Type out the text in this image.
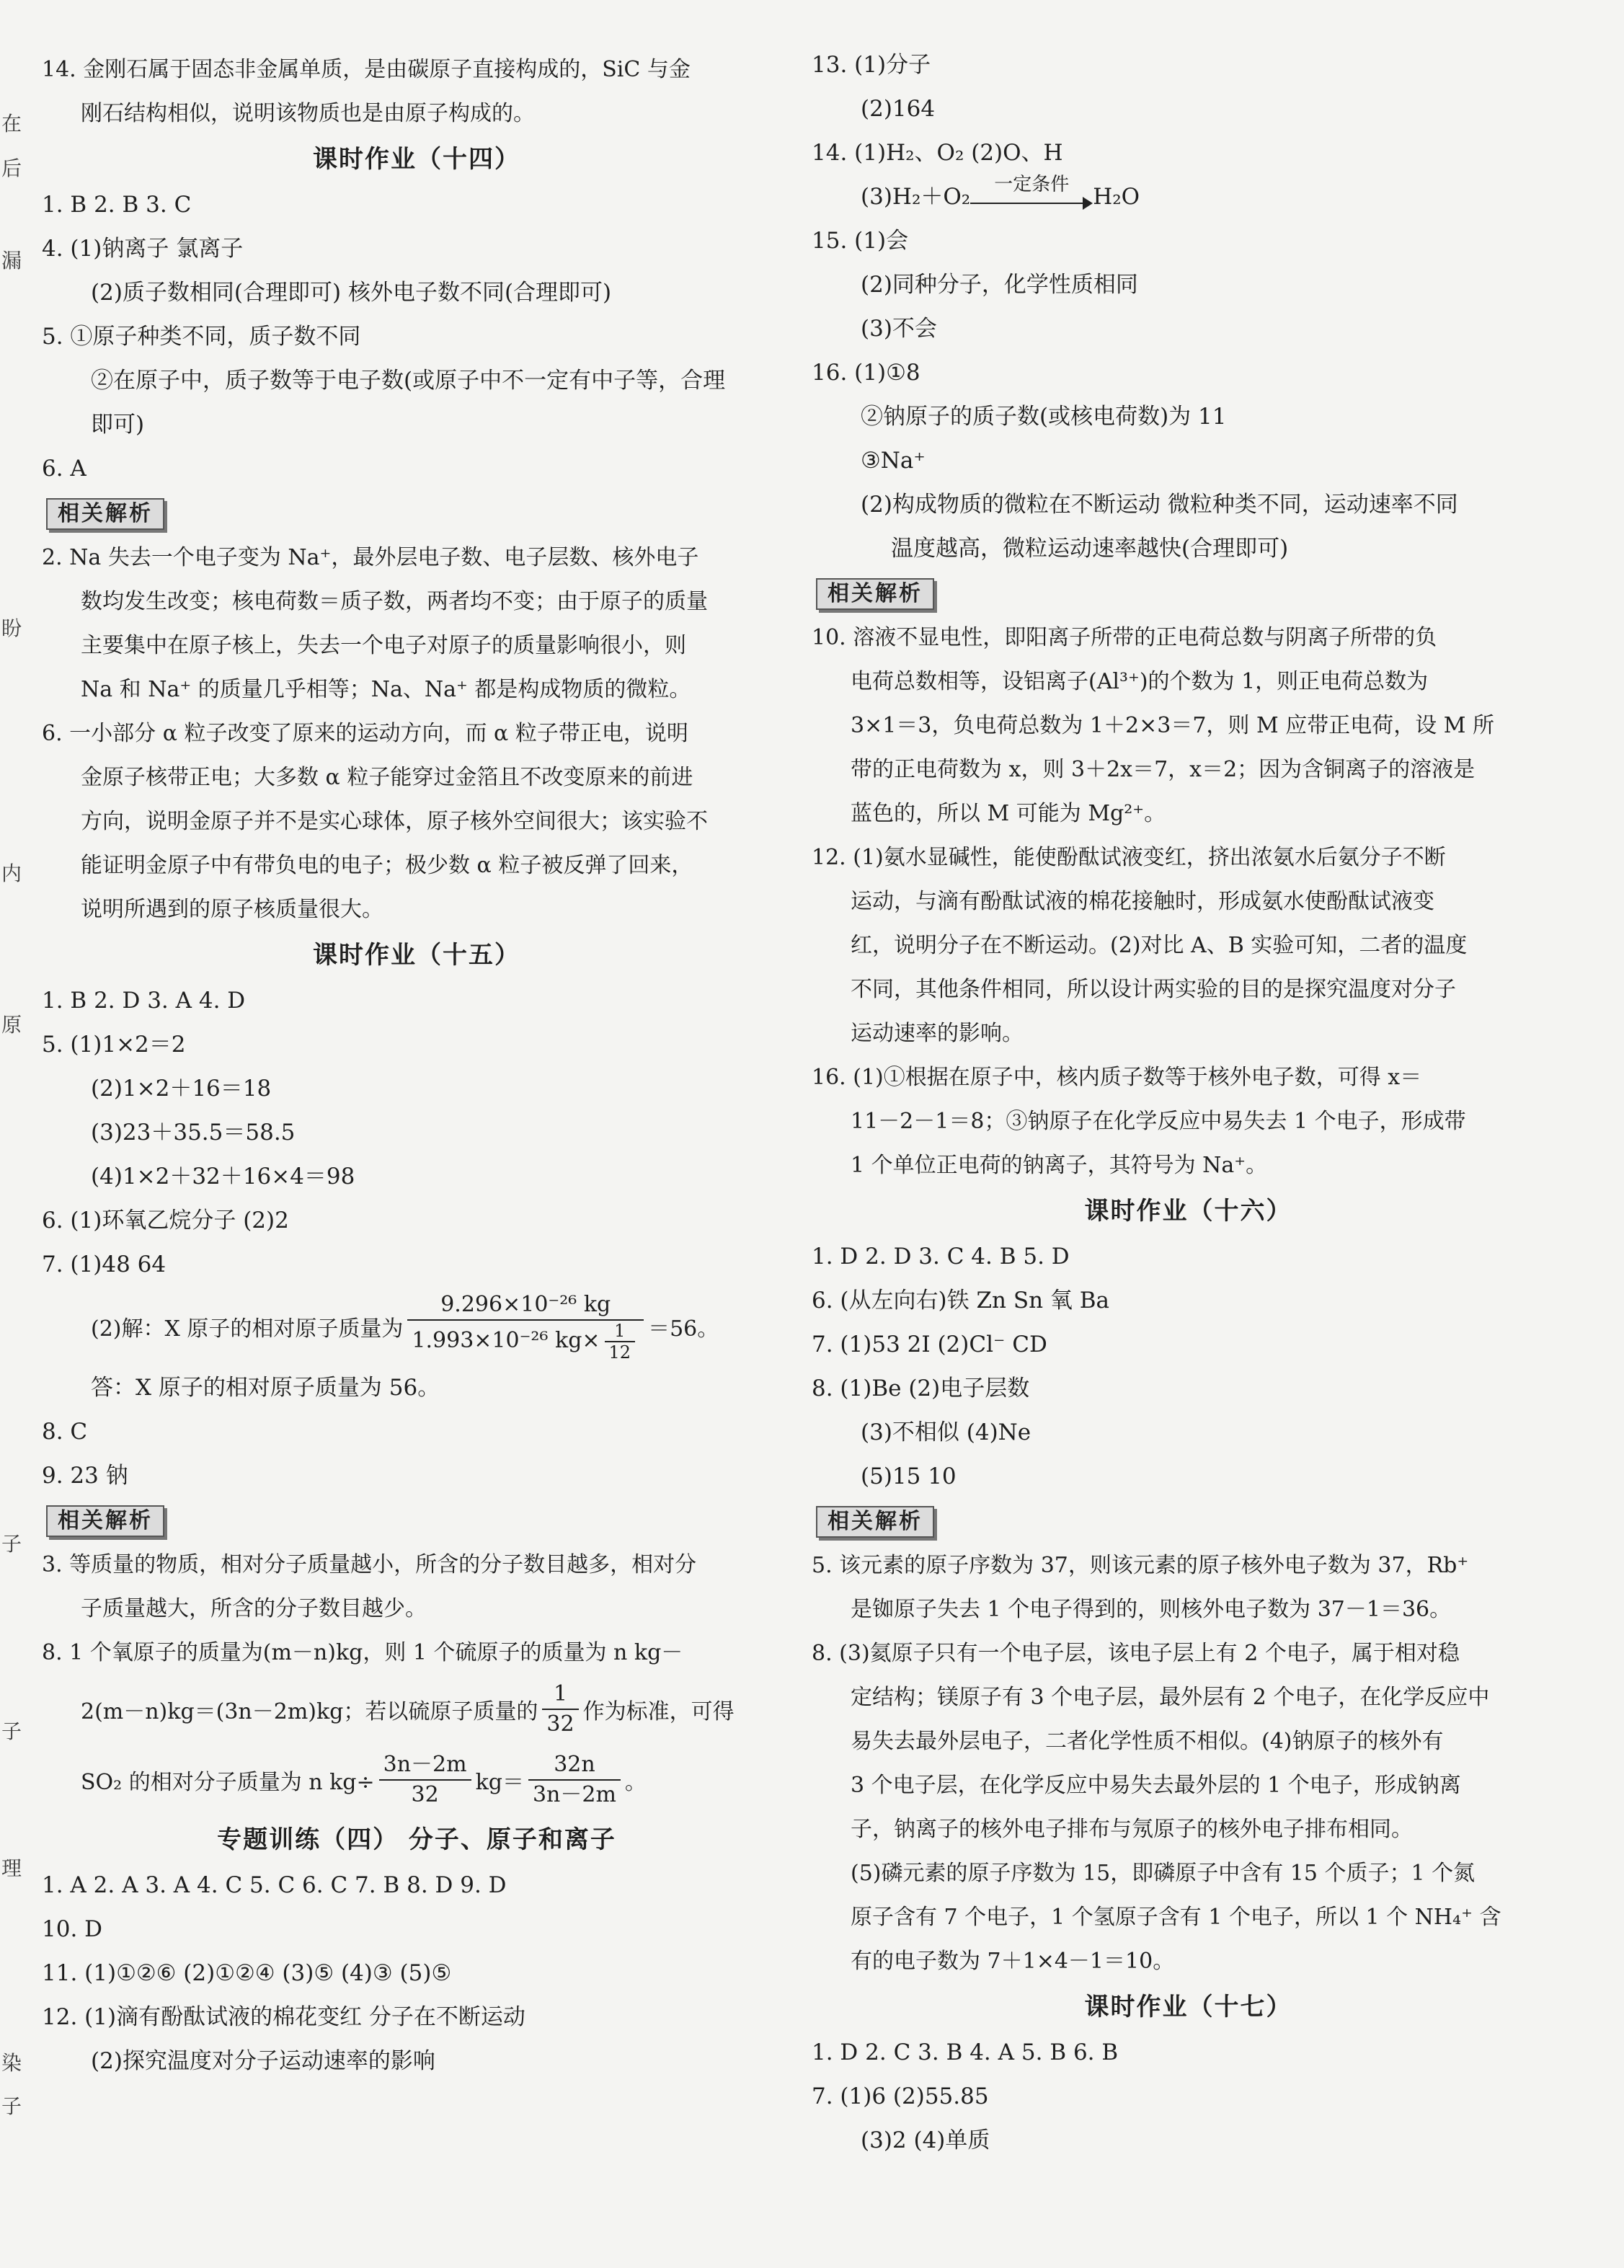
在
后
漏
盼
内
原
子
子
理
染
子
14. 金刚石属于固态非金属单质，是由碳原子直接构成的，SiC 与金
刚石结构相似，说明该物质也是由原子构成的。
课时作业（十四）
1. B 2. B 3. C
4. (1)钠离子 氯离子
(2)质子数相同(合理即可) 核外电子数不同(合理即可)
5. ①原子种类不同，质子数不同
②在原子中，质子数等于电子数(或原子中不一定有中子等，合理
即可)
6. A
相关解析
2. Na 失去一个电子变为 Na⁺，最外层电子数、电子层数、核外电子
数均发生改变；核电荷数＝质子数，两者均不变；由于原子的质量
主要集中在原子核上，失去一个电子对原子的质量影响很小，则
Na 和 Na⁺ 的质量几乎相等；Na、Na⁺ 都是构成物质的微粒。
6. 一小部分 α 粒子改变了原来的运动方向，而 α 粒子带正电，说明
金原子核带正电；大多数 α 粒子能穿过金箔且不改变原来的前进
方向，说明金原子并不是实心球体，原子核外空间很大；该实验不
能证明金原子中有带负电的电子；极少数 α 粒子被反弹了回来，
说明所遇到的原子核质量很大。
课时作业（十五）
1. B 2. D 3. A 4. D
5. (1)1×2＝2
(2)1×2＋16＝18
(3)23＋35.5＝58.5
(4)1×2＋32＋16×4＝98
6. (1)环氧乙烷分子 (2)2
7. (1)48 64
(2)解：X 原子的相对原子质量为 $\frac{\text{9.296×10⁻²⁶ kg}}{1.993\times 10^{-26} kg\times \frac{1}{12}} =56$。
答：X 原子的相对原子质量为 56。
8. C
9. 23 钠
相关解析
3. 等质量的物质，相对分子质量越小，所含的分子数目越多，相对分
子质量越大，所含的分子数目越少。
8. 1 个氧原子的质量为(m－n)kg，则 1 个硫原子的质量为 n kg－
2(m－n)kg＝(3n－2m)kg；若以硫原子质量的 $\frac{1}{32}$ 作为标准，可得
SO₂ 的相对分子质量为 n $kg\div \frac{3n-2m}{32} kg= \frac{32n}{3n-2m}$ 。
专题训练（四） 分子、原子和离子
1. A 2. A 3. A 4. C 5. C 6. C 7. B 8. D 9. D
10. D
11. (1)①②⑥ (2)①②④ (3)⑤ (4)③ (5)⑤
12. (1)滴有酚酞试液的棉花变红 分子在不断运动
(2)探究温度对分子运动速率的影响
13. (1)分子
(2)164
14. (1)H₂、O₂ (2)O、H
(3)H₂＋O₂	一定条件	H₂O
15. (1)会
(2)同种分子，化学性质相同
(3)不会
16. (1)①8
②钠原子的质子数(或核电荷数)为 11
③Na⁺
(2)构成物质的微粒在不断运动 微粒种类不同，运动速率不同
温度越高，微粒运动速率越快(合理即可)
相关解析
10. 溶液不显电性，即阳离子所带的正电荷总数与阴离子所带的负
电荷总数相等，设铝离子(Al³⁺)的个数为 1，则正电荷总数为
3×1＝3，负电荷总数为 1＋2×3＝7，则 M 应带正电荷，设 M 所
带的正电荷数为 x，则 3＋2x＝7，x＝2；因为含铜离子的溶液是
蓝色的，所以 M 可能为 Mg²⁺。
12. (1)氨水显碱性，能使酚酞试液变红，挤出浓氨水后氨分子不断
运动，与滴有酚酞试液的棉花接触时，形成氨水使酚酞试液变
红，说明分子在不断运动。(2)对比 A、B 实验可知，二者的温度
不同，其他条件相同，所以设计两实验的目的是探究温度对分子
运动速率的影响。
16. (1)①根据在原子中，核内质子数等于核外电子数，可得 x＝
11－2－1＝8；③钠原子在化学反应中易失去 1 个电子，形成带
1 个单位正电荷的钠离子，其符号为 Na⁺。
课时作业（十六）
1. D 2. D 3. C 4. B 5. D
6. (从左向右)铁 Zn Sn 氧 Ba
7. (1)53 2I (2)Cl⁻ CD
8. (1)Be (2)电子层数
(3)不相似 (4)Ne
(5)15 10
相关解析
5. 该元素的原子序数为 37，则该元素的原子核外电子数为 37，Rb⁺
是铷原子失去 1 个电子得到的，则核外电子数为 37－1＝36。
8. (3)氦原子只有一个电子层，该电子层上有 2 个电子，属于相对稳
定结构；镁原子有 3 个电子层，最外层有 2 个电子，在化学反应中
易失去最外层电子，二者化学性质不相似。(4)钠原子的核外有
3 个电子层，在化学反应中易失去最外层的 1 个电子，形成钠离
子，钠离子的核外电子排布与氖原子的核外电子排布相同。
(5)磷元素的原子序数为 15，即磷原子中含有 15 个质子；1 个氮
原子含有 7 个电子，1 个氢原子含有 1 个电子，所以 1 个 NH₄⁺ 含
有的电子数为 7＋1×4－1＝10。
课时作业（十七）
1. D 2. C 3. B 4. A 5. B 6. B
7. (1)6 (2)55.85
(3)2 (4)单质
